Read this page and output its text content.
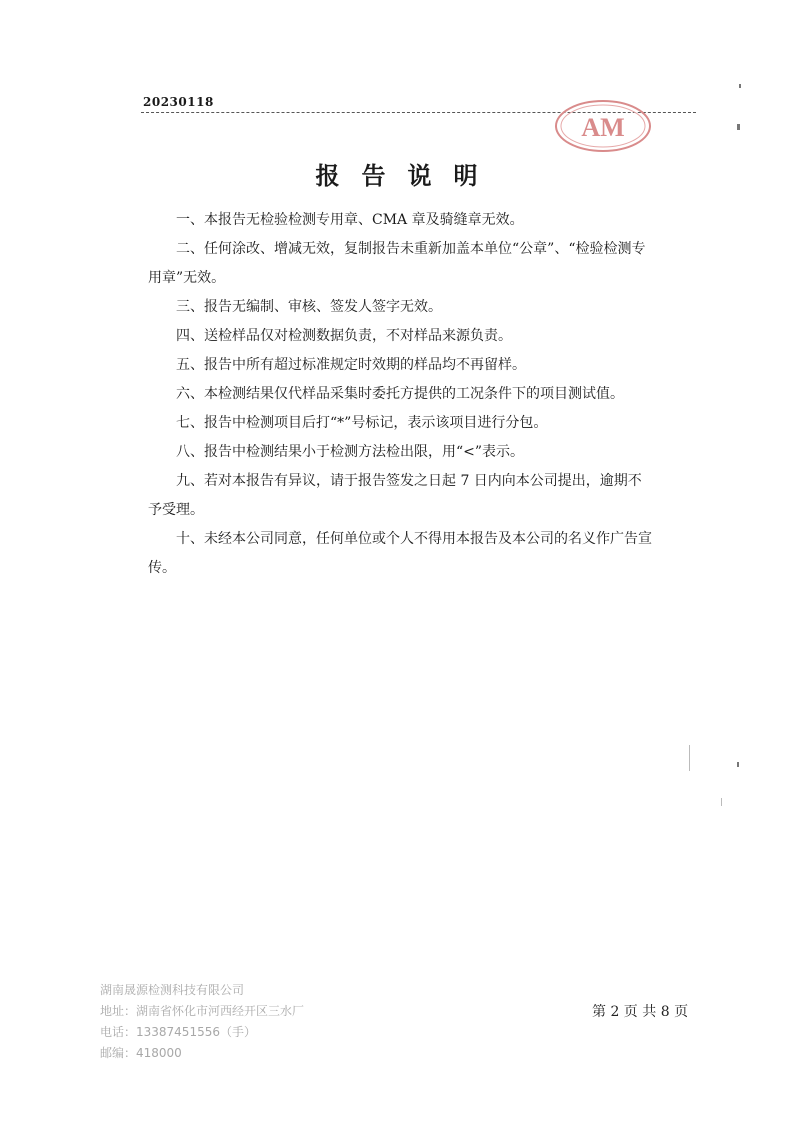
20230118
AM
报告说明

一、本报告无检验检测专用章、CMA 章及骑缝章无效。

二、任何涂改、增减无效，复制报告未重新加盖本单位“公章”、“检验检测专用章”无效。

三、报告无编制、审核、签发人签字无效。

四、送检样品仅对检测数据负责，不对样品来源负责。

五、报告中所有超过标准规定时效期的样品均不再留样。

六、本检测结果仅代样品采集时委托方提供的工况条件下的项目测试值。

七、报告中检测项目后打“*”号标记，表示该项目进行分包。

八、报告中检测结果小于检测方法检出限，用“<”表示。

九、若对本报告有异议，请于报告签发之日起 7 日内向本公司提出，逾期不予受理。

十、未经本公司同意，任何单位或个人不得用本报告及本公司的名义作广告宣传。

湖南晟源检测科技有限公司
地址：湖南省怀化市河西经开区三水厂
电话：13387451556（手）
邮编：418000
第 2 页 共 8 页
